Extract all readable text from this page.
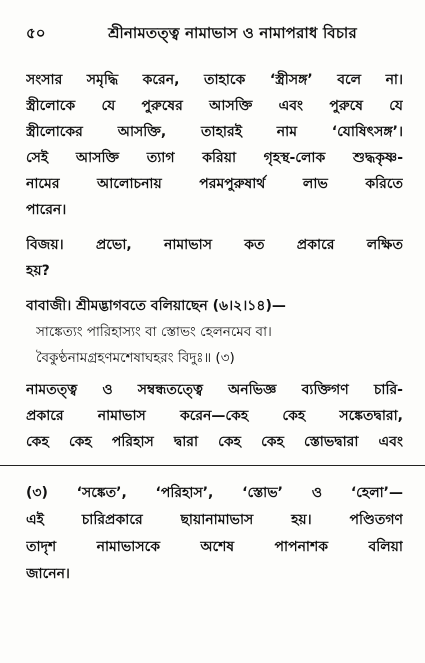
৫০	শ্রীনামতত্ত্ব নামাভাস ও নামাপরাধ বিচার

সংসার সমৃদ্ধি করেন, তাহাকে ‘স্ত্রীসঙ্গ’ বলে না।
স্ত্রীলোকে যে পুরুষের আসক্তি এবং পুরুষে যে
স্ত্রীলোকের আসক্তি, তাহারই নাম ‘যোষিৎসঙ্গ’।
সেই আসক্তি ত্যাগ করিয়া গৃহস্থ-লোক শুদ্ধকৃষ্ণ-
নামের আলোচনায় পরমপুরুষার্থ লাভ করিতে
পারেন।

বিজয়। প্রভো, নামাভাস কত প্রকারে লক্ষিত
হয়?

বাবাজী। শ্রীমদ্ভাগবতে বলিয়াছেন (৬।২।১৪)—

সাঙ্কেত্যং পারিহাস্যং বা স্তোভং হেলনমেব বা।
বৈকুণ্ঠনামগ্রহণমশেষাঘহরং বিদুঃ॥ (৩)

নামতত্ত্ব ও সম্বন্ধতত্ত্বে অনভিজ্ঞ ব্যক্তিগণ চারি-
প্রকারে নামাভাস করেন—কেহ কেহ সঙ্কেতদ্বারা,
কেহ কেহ পরিহাস দ্বারা কেহ কেহ স্তোভদ্বারা এবং

(৩) ‘সঙ্কেত’, ‘পরিহাস’, ‘স্তোভ’ ও ‘হেলা’—
এই চারিপ্রকারে ছায়ানামাভাস হয়। পণ্ডিতগণ
তাদৃশ নামাভাসকে অশেষ পাপনাশক বলিয়া
জানেন।
